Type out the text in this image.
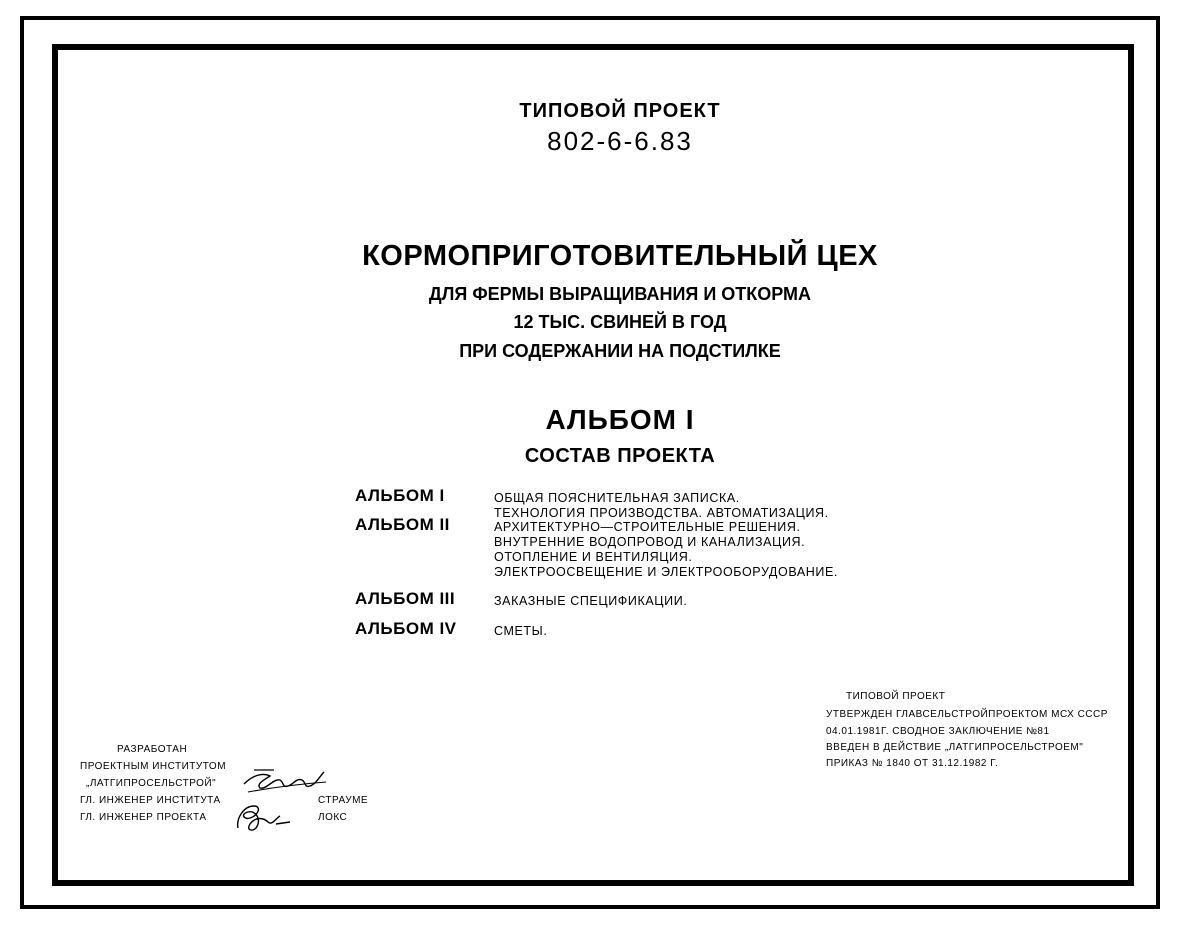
ТИПОВОЙ ПРОЕКТ
802-6-6.83
КОРМОПРИГОТОВИТЕЛЬНЫЙ ЦЕХ
ДЛЯ ФЕРМЫ ВЫРАЩИВАНИЯ И ОТКОРМА
12 ТЫС. СВИНЕЙ В ГОД
ПРИ СОДЕРЖАНИИ НА ПОДСТИЛКЕ
АЛЬБОМ I
СОСТАВ ПРОЕКТА
АЛЬБОМ I	ОБЩАЯ ПОЯСНИТЕЛЬНАЯ ЗАПИСКА.
ТЕХНОЛОГИЯ ПРОИЗВОДСТВА. АВТОМАТИЗАЦИЯ.
АЛЬБОМ II	АРХИТЕКТУРНО—СТРОИТЕЛЬНЫЕ РЕШЕНИЯ.
ВНУТРЕННИЕ ВОДОПРОВОД И КАНАЛИЗАЦИЯ.
ОТОПЛЕНИЕ И ВЕНТИЛЯЦИЯ.
ЭЛЕКТРООСВЕЩЕНИЕ И ЭЛЕКТРООБОРУДОВАНИЕ.
АЛЬБОМ III	ЗАКАЗНЫЕ СПЕЦИФИКАЦИИ.
АЛЬБОМ IV	СМЕТЫ.
ТИПОВОЙ ПРОЕКТ
УТВЕРЖДЕН ГЛАВСЕЛЬСТРОЙПРОЕКТОМ МСХ СССР
04.01.1981Г. СВОДНОЕ ЗАКЛЮЧЕНИЕ №81
ВВЕДЕН В ДЕЙСТВИЕ „ЛАТГИПРОСЕЛЬСТРОЕМ"
ПРИКАЗ № 1840 ОТ 31.12.1982 Г.
РАЗРАБОТАН
ПРОЕКТНЫМ ИНСТИТУТОМ
„ЛАТГИПРОСЕЛЬСТРОЙ"
ГЛ. ИНЖЕНЕР ИНСТИТУТА
ГЛ. ИНЖЕНЕР ПРОЕКТА
СТРАУМЕ
ЛОКС
